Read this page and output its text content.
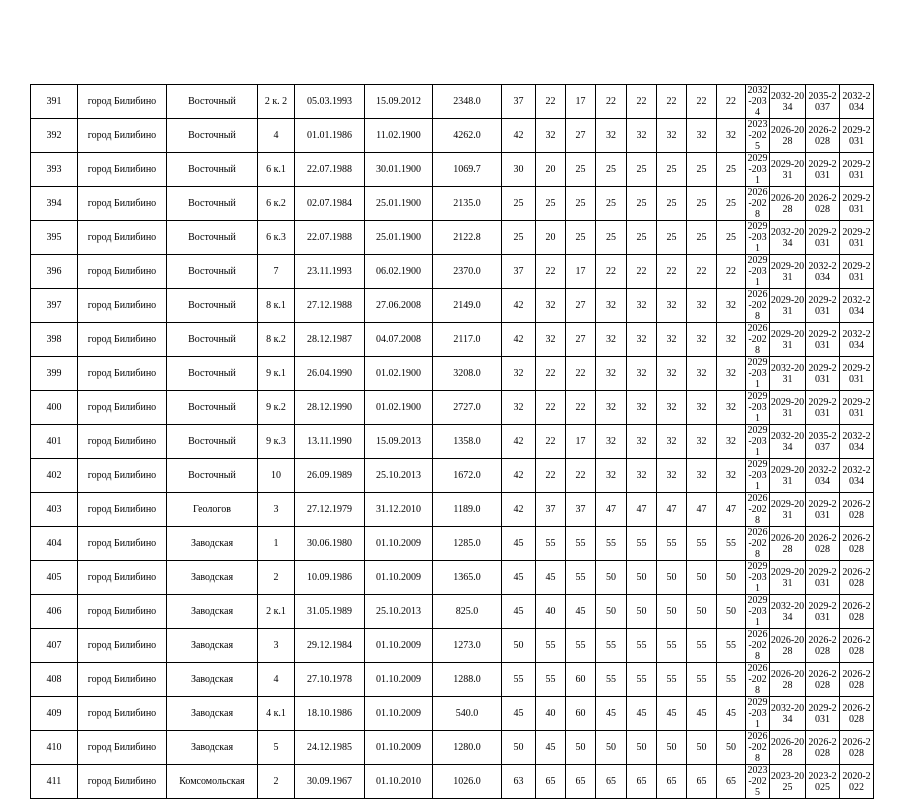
391	город Билибино	Восточный	2 к. 2	05.03.1993	15.09.2012	2348.0	37	22	17	22	22	22	22	22	2032-2034	2032-2034	2035-2037	2032-2034
392	город Билибино	Восточный	4	01.01.1986	11.02.1900	4262.0	42	32	27	32	32	32	32	32	2023-2025	2026-2028	2026-2028	2029-2031
393	город Билибино	Восточный	6 к.1	22.07.1988	30.01.1900	1069.7	30	20	25	25	25	25	25	25	2029-2031	2029-2031	2029-2031	2029-2031
394	город Билибино	Восточный	6 к.2	02.07.1984	25.01.1900	2135.0	25	25	25	25	25	25	25	25	2026-2028	2026-2028	2026-2028	2029-2031
395	город Билибино	Восточный	6 к.3	22.07.1988	25.01.1900	2122.8	25	20	25	25	25	25	25	25	2029-2031	2032-2034	2029-2031	2029-2031
396	город Билибино	Восточный	7	23.11.1993	06.02.1900	2370.0	37	22	17	22	22	22	22	22	2029-2031	2029-2031	2032-2034	2029-2031
397	город Билибино	Восточный	8 к.1	27.12.1988	27.06.2008	2149.0	42	32	27	32	32	32	32	32	2026-2028	2029-2031	2029-2031	2032-2034
398	город Билибино	Восточный	8 к.2	28.12.1987	04.07.2008	2117.0	42	32	27	32	32	32	32	32	2026-2028	2029-2031	2029-2031	2032-2034
399	город Билибино	Восточный	9 к.1	26.04.1990	01.02.1900	3208.0	32	22	22	32	32	32	32	32	2029-2031	2032-2031	2029-2031	2029-2031
400	город Билибино	Восточный	9 к.2	28.12.1990	01.02.1900	2727.0	32	22	22	32	32	32	32	32	2029-2031	2029-2031	2029-2031	2029-2031
401	город Билибино	Восточный	9 к.3	13.11.1990	15.09.2013	1358.0	42	22	17	32	32	32	32	32	2029-2031	2032-2034	2035-2037	2032-2034
402	город Билибино	Восточный	10	26.09.1989	25.10.2013	1672.0	42	22	22	32	32	32	32	32	2029-2031	2029-2031	2032-2034	2032-2034
403	город Билибино	Геологов	3	27.12.1979	31.12.2010	1189.0	42	37	37	47	47	47	47	47	2026-2028	2029-2031	2029-2031	2026-2028
404	город Билибино	Заводская	1	30.06.1980	01.10.2009	1285.0	45	55	55	55	55	55	55	55	2026-2028	2026-2028	2026-2028	2026-2028
405	город Билибино	Заводская	2	10.09.1986	01.10.2009	1365.0	45	45	55	50	50	50	50	50	2029-2031	2029-2031	2029-2031	2026-2028
406	город Билибино	Заводская	2 к.1	31.05.1989	25.10.2013	825.0	45	40	45	50	50	50	50	50	2029-2031	2032-2034	2029-2031	2026-2028
407	город Билибино	Заводская	3	29.12.1984	01.10.2009	1273.0	50	55	55	55	55	55	55	55	2026-2028	2026-2028	2026-2028	2026-2028
408	город Билибино	Заводская	4	27.10.1978	01.10.2009	1288.0	55	55	60	55	55	55	55	55	2026-2028	2026-2028	2026-2028	2026-2028
409	город Билибино	Заводская	4 к.1	18.10.1986	01.10.2009	540.0	45	40	60	45	45	45	45	45	2029-2031	2032-2034	2029-2031	2026-2028
410	город Билибино	Заводская	5	24.12.1985	01.10.2009	1280.0	50	45	50	50	50	50	50	50	2026-2028	2026-2028	2026-2028	2026-2028
411	город Билибино	Комсомольская	2	30.09.1967	01.10.2010	1026.0	63	65	65	65	65	65	65	65	2023-2025	2023-2025	2023-2025	2020-2022
